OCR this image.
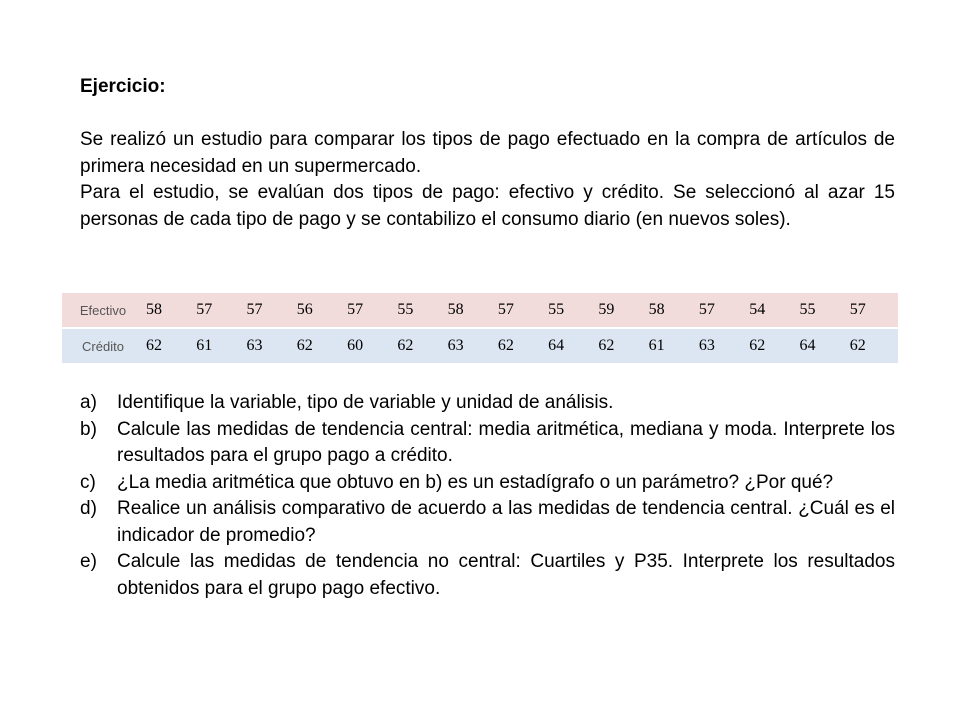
Ejercicio:

Se realizó un estudio para comparar los tipos de pago efectuado en la compra de artículos de primera necesidad en un supermercado.

Para el estudio, se evalúan dos tipos de pago: efectivo y crédito. Se seleccionó al azar 15 personas de cada tipo de pago y se contabilizo el consumo diario (en nuevos soles).

Efectivo	58	57	57	56	57	55	58	57	55	59	58	57	54	55	57
Crédito	62	61	63	62	60	62	63	62	64	62	61	63	62	64	62
a) Identifique la variable, tipo de variable y unidad de análisis.
b) Calcule las medidas de tendencia central: media aritmética, mediana y moda. Interprete los resultados para el grupo pago a crédito.
c) ¿La media aritmética que obtuvo en b) es un estadígrafo o un parámetro? ¿Por qué?
d) Realice un análisis comparativo de acuerdo a las medidas de tendencia central. ¿Cuál es el indicador de promedio?
e) Calcule las medidas de tendencia no central: Cuartiles y P35. Interprete los resultados obtenidos para el grupo pago efectivo.
